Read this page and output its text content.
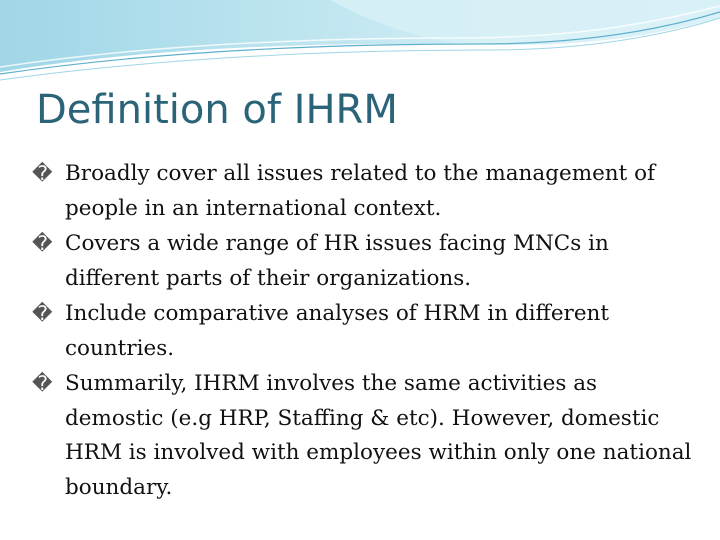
Definition of IHRM
� Broadly cover all issues related to the management of people in an international context.
� Covers a wide range of HR issues facing MNCs in different parts of their organizations.
� Include comparative analyses of HRM in different countries.
� Summarily, IHRM involves the same activities as demostic (e.g HRP, Staffing & etc). However, domestic HRM is involved with employees within only one national boundary.
